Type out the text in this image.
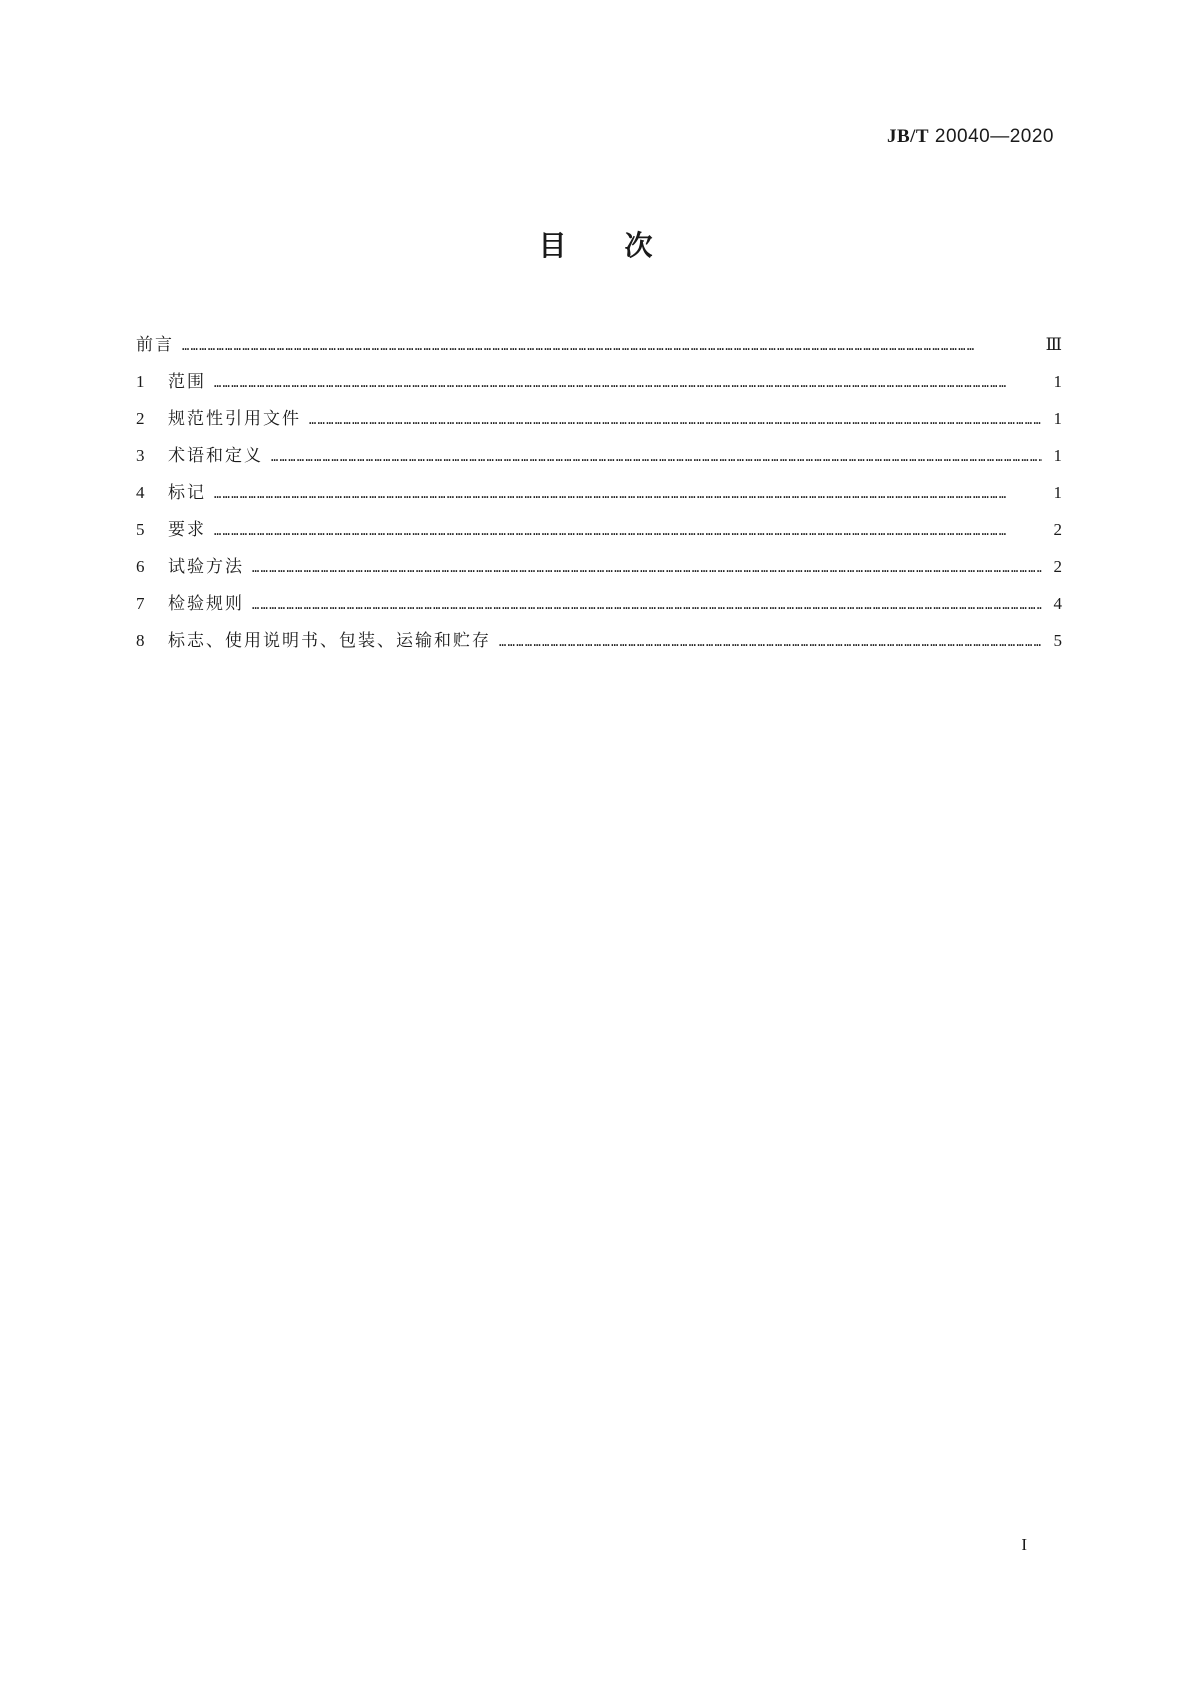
JB/T 20040—2020
目次
前言 ……………………………………………………………………………………………………………………………………………………………………………………………………………………………………………………	Ⅲ
1	范围 ……………………………………………………………………………………………………………………………………………………………………………………………………………………………………………………	1
2	规范性引用文件 ……………………………………………………………………………………………………………………………………………………………………………………………………………………………………………………	1
3	术语和定义 ……………………………………………………………………………………………………………………………………………………………………………………………………………………………………………………	1
4	标记 ……………………………………………………………………………………………………………………………………………………………………………………………………………………………………………………	1
5	要求 ……………………………………………………………………………………………………………………………………………………………………………………………………………………………………………………	2
6	试验方法 ……………………………………………………………………………………………………………………………………………………………………………………………………………………………………………………	2
7	检验规则 ……………………………………………………………………………………………………………………………………………………………………………………………………………………………………………………	4
8	标志、使用说明书、包装、运输和贮存 ……………………………………………………………………………………………………………………………………………………………………………………………………………………………………………………	5
I
